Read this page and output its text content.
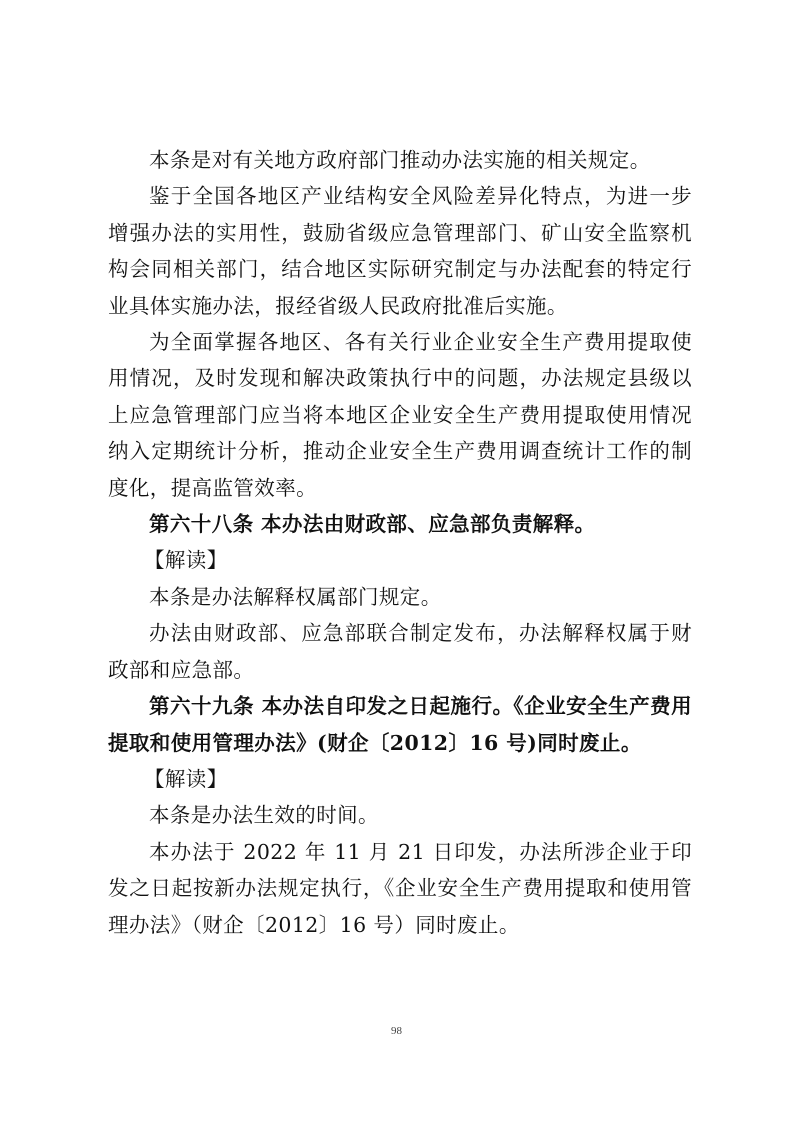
本条是对有关地方政府部门推动办法实施的相关规定。

鉴于全国各地区产业结构安全风险差异化特点，为进一步增强办法的实用性，鼓励省级应急管理部门、矿山安全监察机构会同相关部门，结合地区实际研究制定与办法配套的特定行业具体实施办法，报经省级人民政府批准后实施。

为全面掌握各地区、各有关行业企业安全生产费用提取使用情况，及时发现和解决政策执行中的问题，办法规定县级以上应急管理部门应当将本地区企业安全生产费用提取使用情况纳入定期统计分析，推动企业安全生产费用调查统计工作的制度化，提高监管效率。

第六十八条 本办法由财政部、应急部负责解释。

【解读】

本条是办法解释权属部门规定。

办法由财政部、应急部联合制定发布，办法解释权属于财政部和应急部。

第六十九条 本办法自印发之日起施行。《企业安全生产费用提取和使用管理办法》(财企〔2012〕16 号)同时废止。

【解读】

本条是办法生效的时间。

本办法于 2022 年 11 月 21 日印发，办法所涉企业于印发之日起按新办法规定执行，《企业安全生产费用提取和使用管理办法》（财企〔2012〕16 号）同时废止。

98
